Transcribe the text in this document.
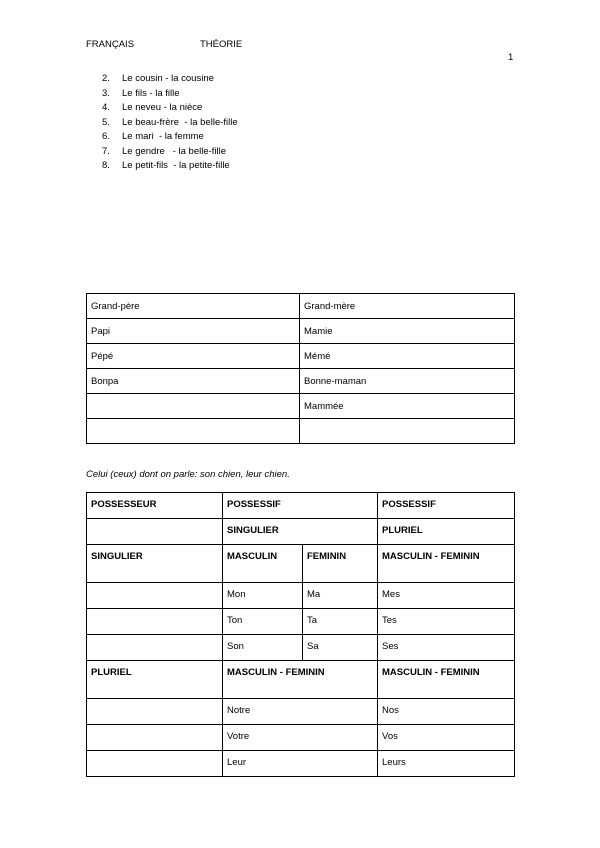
FRANÇAIS	THÉORIE
1
2. Le cousin - la cousine
3. Le fils - la fille
4. Le neveu - la nièce
5. Le beau-frère  - la belle-fille
6. Le mari  - la femme
7. Le gendre   - la belle-fille
8. Le petit-fils  - la petite-fille
Grand-père	Grand-mère
Papi	Mamie
Pépé	Mémé
Bonpa	Bonne-maman
	Mammée

Celui (ceux) dont on parle: son chien, leur chien.
POSSESSEUR	POSSESSIF		POSSESSIF
	SINGULIER		PLURIEL
SINGULIER	MASCULIN	FEMININ	MASCULIN - FEMININ
	Mon	Ma	Mes
	Ton	Ta	Tes
	Son	Sa	Ses
PLURIEL	MASCULIN - FEMININ		MASCULIN - FEMININ
	Notre		Nos
	Votre		Vos
	Leur		Leurs
